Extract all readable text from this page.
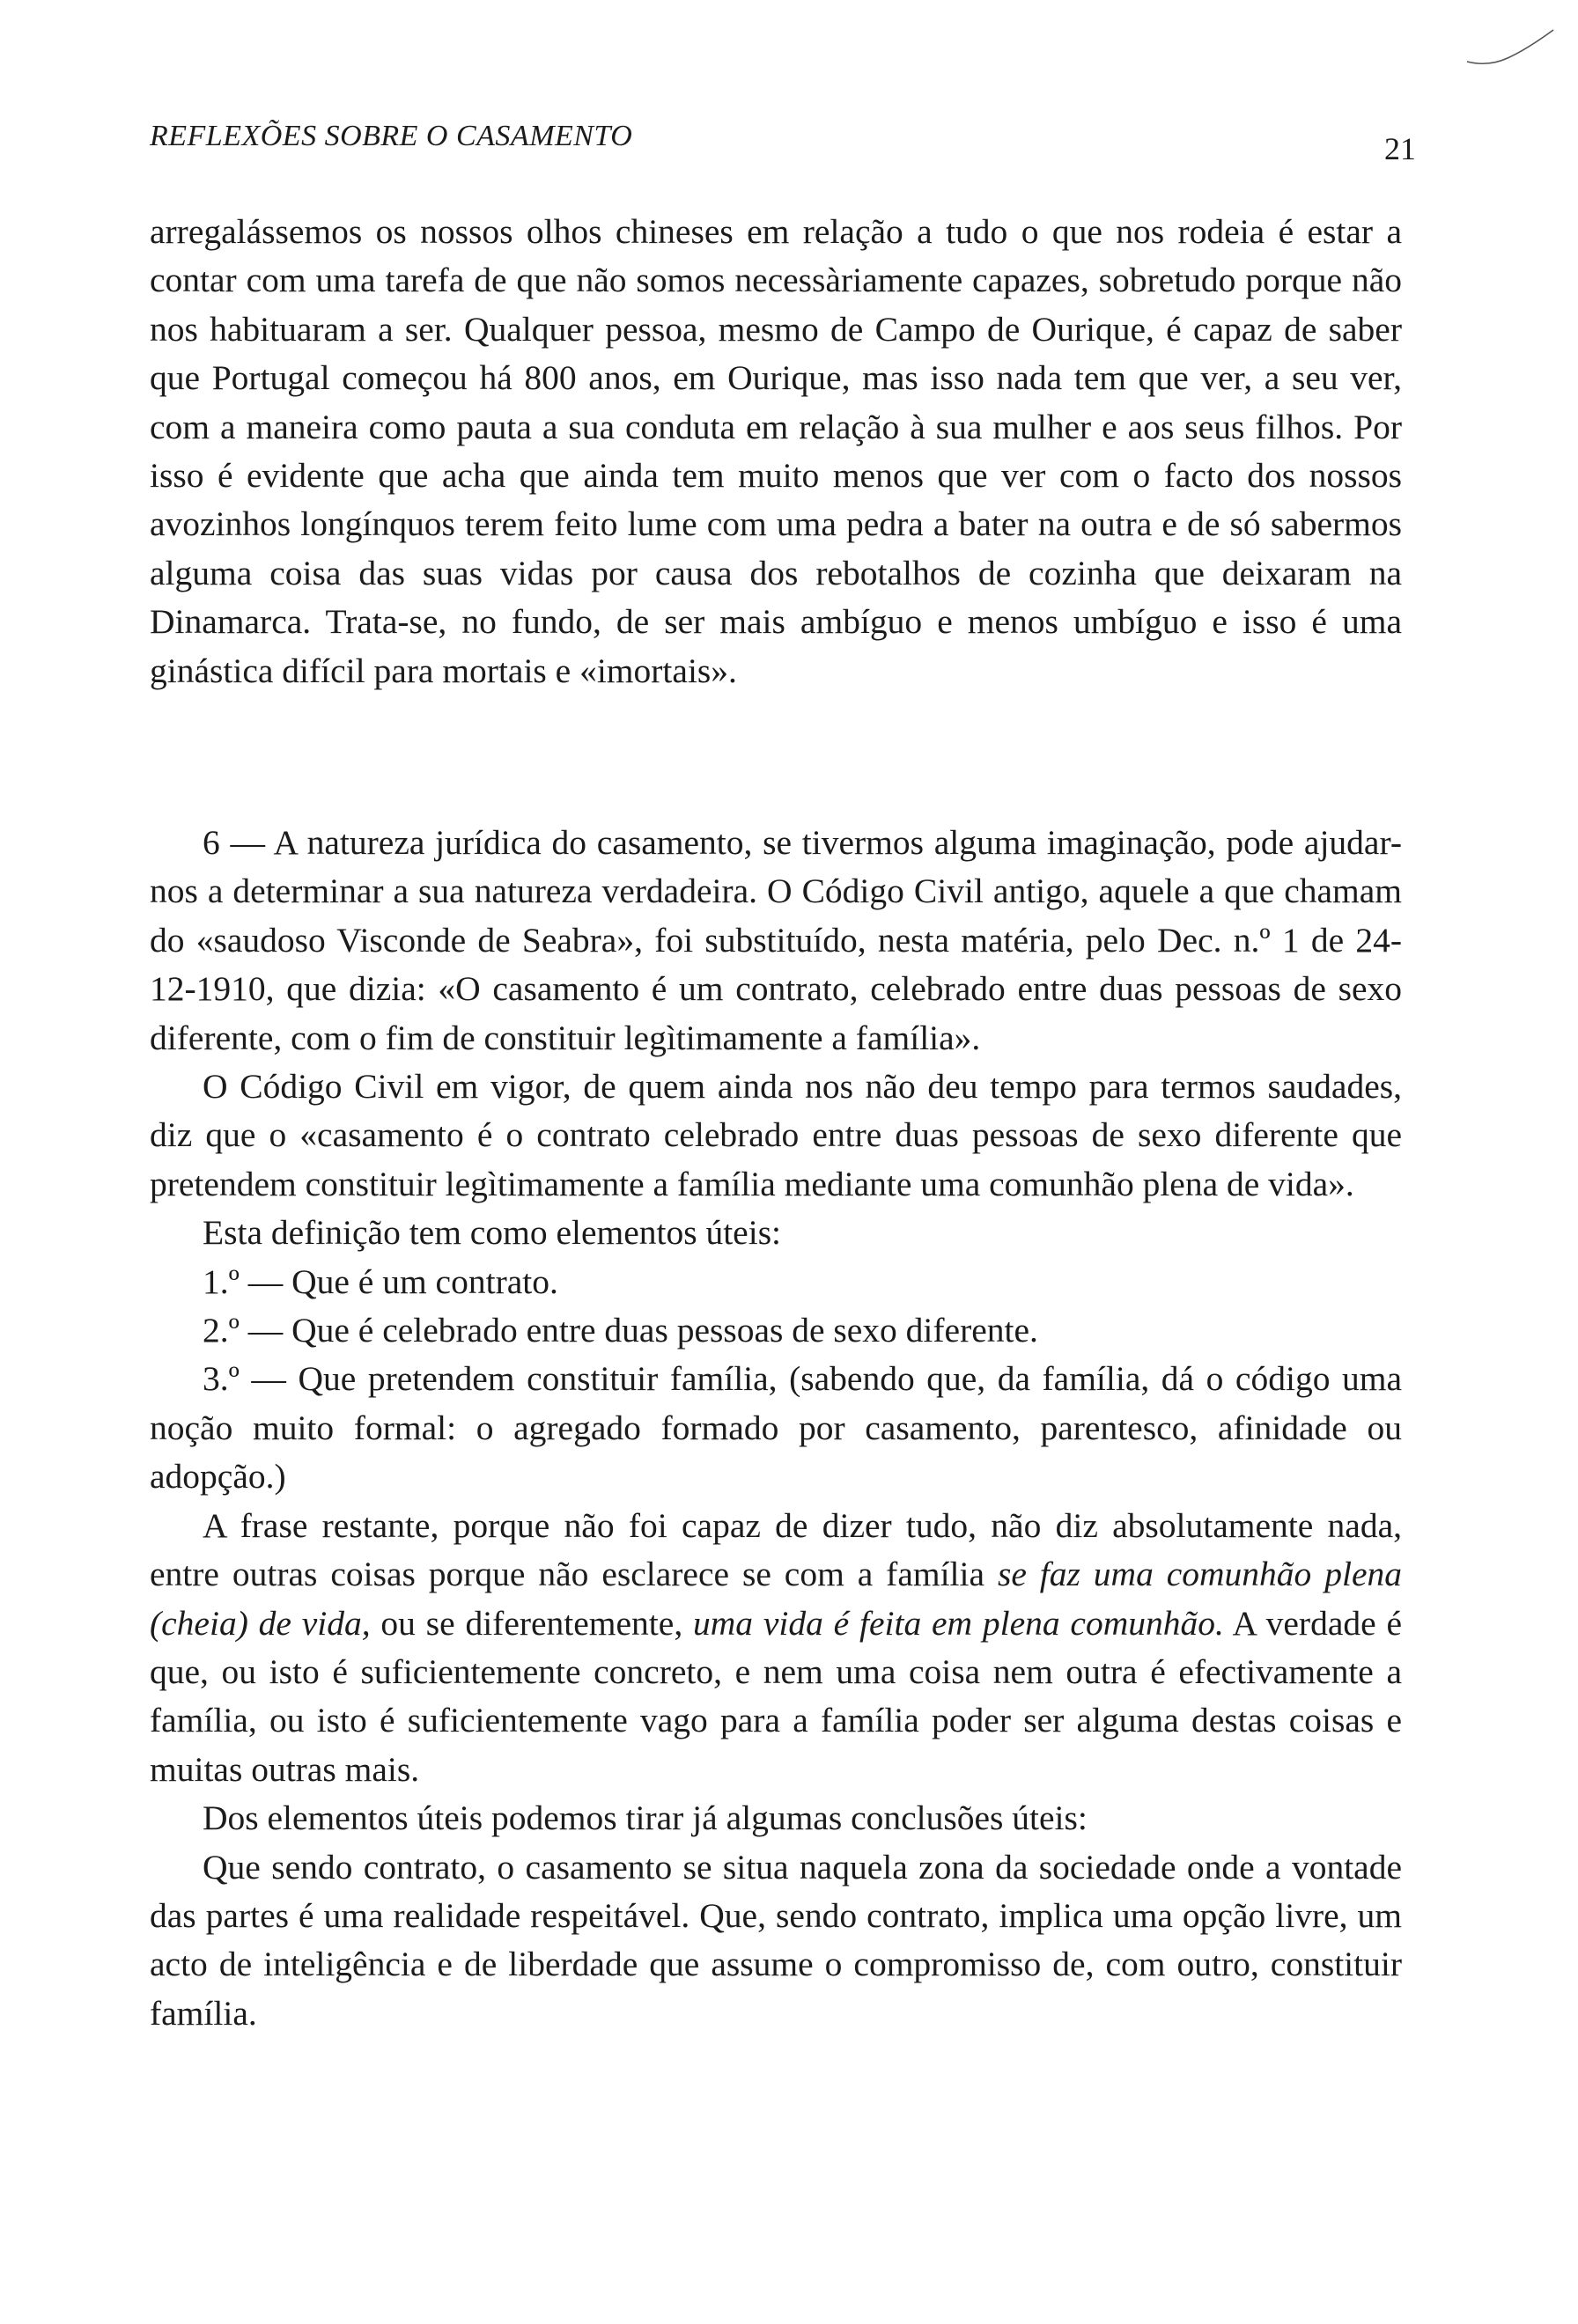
REFLEXÕES SOBRE O CASAMENTO	21

arregalássemos os nossos olhos chineses em relação a tudo o que nos rodeia é estar a contar com uma tarefa de que não somos necessàriamente capazes, sobretudo porque não nos habituaram a ser. Qualquer pessoa, mesmo de Campo de Ourique, é capaz de saber que Portugal começou há 800 anos, em Ourique, mas isso nada tem que ver, a seu ver, com a maneira como pauta a sua conduta em relação à sua mulher e aos seus filhos. Por isso é evidente que acha que ainda tem muito menos que ver com o facto dos nossos avozinhos longínquos terem feito lume com uma pedra a bater na outra e de só sabermos alguma coisa das suas vidas por causa dos rebotalhos de cozinha que deixaram na Dinamarca. Trata-se, no fundo, de ser mais ambíguo e menos umbíguo e isso é uma ginástica difícil para mortais e «imortais».

6 — A natureza jurídica do casamento, se tivermos alguma imaginação, pode ajudar-nos a determinar a sua natureza verdadeira. O Código Civil antigo, aquele a que chamam do «saudoso Visconde de Seabra», foi substituído, nesta matéria, pelo Dec. n.º 1 de 24-12-1910, que dizia: «O casamento é um contrato, celebrado entre duas pessoas de sexo diferente, com o fim de constituir legìtimamente a família».

O Código Civil em vigor, de quem ainda nos não deu tempo para termos saudades, diz que o «casamento é o contrato celebrado entre duas pessoas de sexo diferente que pretendem constituir legìtimamente a família mediante uma comunhão plena de vida».

Esta definição tem como elementos úteis:

1.º — Que é um contrato.

2.º — Que é celebrado entre duas pessoas de sexo diferente.

3.º — Que pretendem constituir família, (sabendo que, da família, dá o código uma noção muito formal: o agregado formado por casamento, parentesco, afinidade ou adopção.)

A frase restante, porque não foi capaz de dizer tudo, não diz absolutamente nada, entre outras coisas porque não esclarece se com a família se faz uma comunhão plena (cheia) de vida, ou se diferentemente, uma vida é feita em plena comunhão. A verdade é que, ou isto é suficientemente concreto, e nem uma coisa nem outra é efectivamente a família, ou isto é suficientemente vago para a família poder ser alguma destas coisas e muitas outras mais.

Dos elementos úteis podemos tirar já algumas conclusões úteis:

Que sendo contrato, o casamento se situa naquela zona da sociedade onde a vontade das partes é uma realidade respeitável. Que, sendo contrato, implica uma opção livre, um acto de inteligência e de liberdade que assume o compromisso de, com outro, constituir família.
